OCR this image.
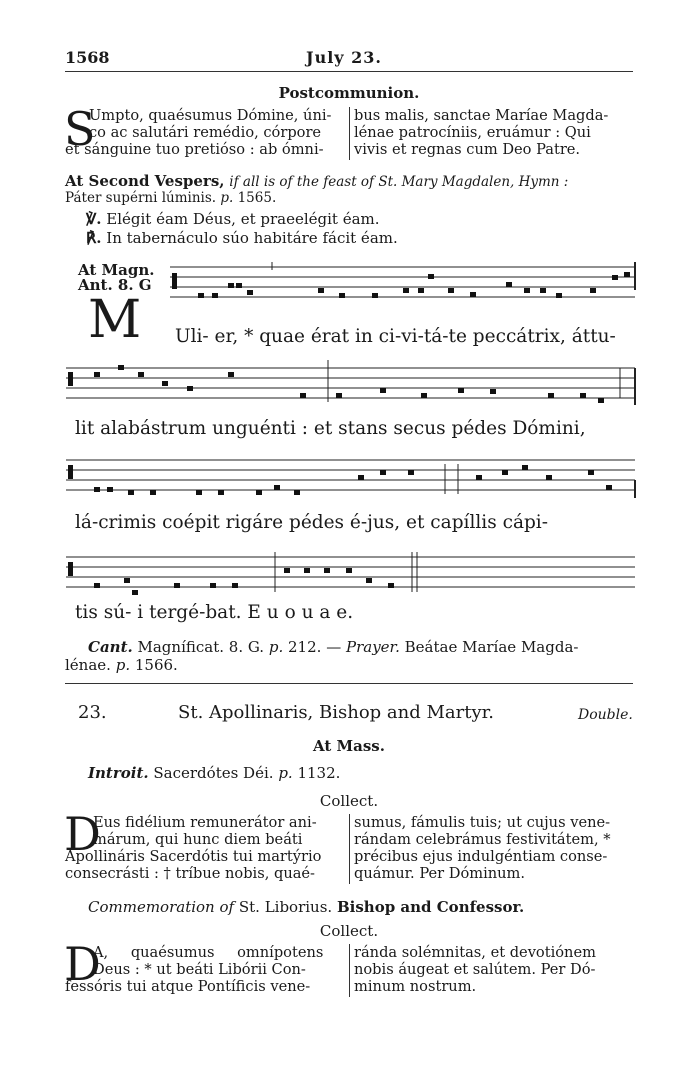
1568	July 23.
Postcommunion.
S
Umpto, quaésumus Dómine, úni-
co ac salutári remédio, córpore
et sánguine tuo pretióso : ab ómni-
bus malis, sanctae Maríae Magda-
lénae patrocíniis, eruámur : Qui
vivis et regnas cum Deo Patre.
At Second Vespers, if all is of the feast of St. Mary Magdalen, Hymn :
Páter supérni lúminis. p. 1565.
℣. Elégit éam Déus, et praeelégit éam.
℟. In tabernáculo súo habitáre fácit éam.
At Magn.
Ant. 8. G
M Uli- er, * quae érat in ci-vi-tá-te peccátrix, áttu-
lit alabástrum unguénti : et stans secus pédes Dómini,
lá-crimis coépit rigáre pédes é-jus, et capíllis cápi-
tis sú- i tergé-bat. E u o u a e.
Cant. Magníficat. 8. G. p. 212. — Prayer. Beátae Maríae Magda-
lénae. p. 1566.
23.	St. Apollinaris, Bishop and Martyr.	Double.
At Mass.
Introit. Sacerdótes Déi. p. 1132.
Collect.
D
Eus fidélium remunerátor ani-
márum, qui hunc diem beáti
Apollináris Sacerdótis tui martýrio
consecrásti : † tríbue nobis, quaé-
sumus, fámulis tuis; ut cujus vene-
rándam celebrámus festivitátem, *
précibus ejus indulgéntiam conse-
quámur. Per Dóminum.
Commemoration of St. Liborius. Bishop and Confessor.
Collect.
D
A, quaésumus omnípotens
Deus : * ut beáti Libórii Con-
fessóris tui atque Pontíficis vene-
ránda solémnitas, et devotiónem
nobis áugeat et salútem. Per Dó-
minum nostrum.
